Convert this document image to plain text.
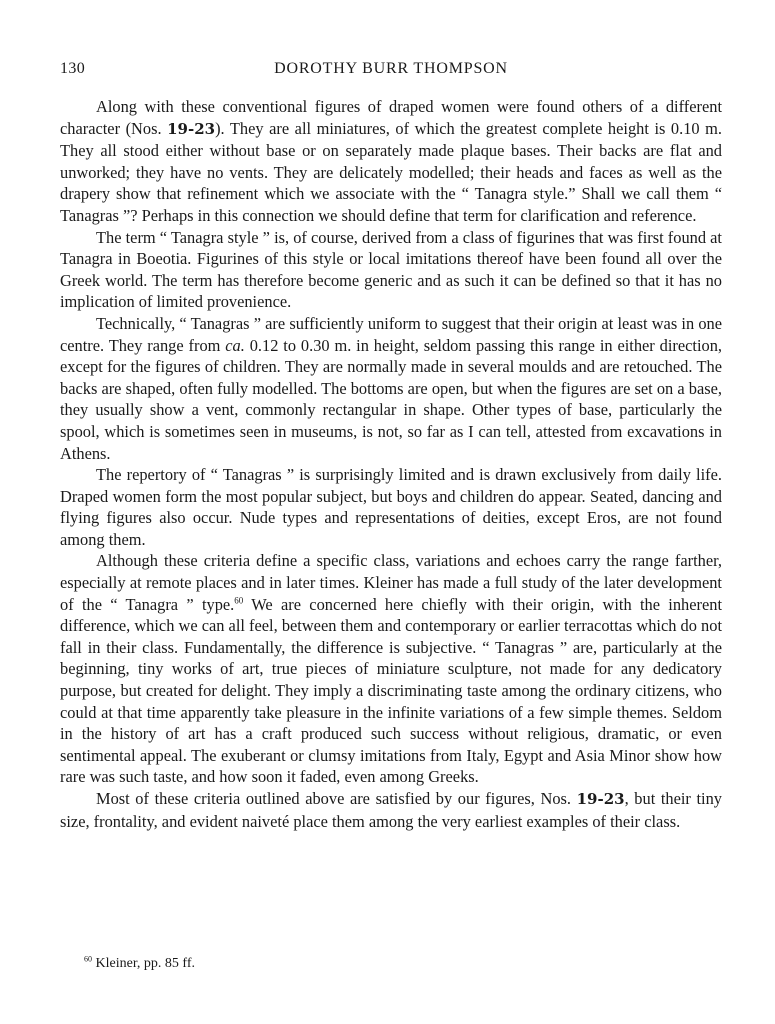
130	DOROTHY BURR THOMPSON

Along with these conventional figures of draped women were found others of a different character (Nos. 19-23). They are all miniatures, of which the greatest complete height is 0.10 m. They all stood either without base or on separately made plaque bases. Their backs are flat and unworked; they have no vents. They are delicately modelled; their heads and faces as well as the drapery show that refinement which we associate with the “ Tanagra style.” Shall we call them “ Tanagras ”? Perhaps in this connection we should define that term for clarification and reference.

The term “ Tanagra style ” is, of course, derived from a class of figurines that was first found at Tanagra in Boeotia. Figurines of this style or local imitations thereof have been found all over the Greek world. The term has therefore become generic and as such it can be defined so that it has no implication of limited provenience.

Technically, “ Tanagras ” are sufficiently uniform to suggest that their origin at least was in one centre. They range from ca. 0.12 to 0.30 m. in height, seldom passing this range in either direction, except for the figures of children. They are normally made in several moulds and are retouched. The backs are shaped, often fully modelled. The bottoms are open, but when the figures are set on a base, they usually show a vent, commonly rectangular in shape. Other types of base, particularly the spool, which is sometimes seen in museums, is not, so far as I can tell, attested from excavations in Athens.

The repertory of “ Tanagras ” is surprisingly limited and is drawn exclusively from daily life. Draped women form the most popular subject, but boys and children do appear. Seated, dancing and flying figures also occur. Nude types and representations of deities, except Eros, are not found among them.

Although these criteria define a specific class, variations and echoes carry the range farther, especially at remote places and in later times. Kleiner has made a full study of the later development of the “ Tanagra ” type.$^{60}$ We are concerned here chiefly with their origin, with the inherent difference, which we can all feel, between them and contemporary or earlier terracottas which do not fall in their class. Fundamentally, the difference is subjective. “ Tanagras ” are, particularly at the beginning, tiny works of art, true pieces of miniature sculpture, not made for any dedicatory purpose, but created for delight. They imply a discriminating taste among the ordinary citizens, who could at that time apparently take pleasure in the infinite variations of a few simple themes. Seldom in the history of art has a craft produced such success without religious, dramatic, or even sentimental appeal. The exuberant or clumsy imitations from Italy, Egypt and Asia Minor show how rare was such taste, and how soon it faded, even among Greeks.

Most of these criteria outlined above are satisfied by our figures, Nos. 19-23, but their tiny size, frontality, and evident naiveté place them among the very earliest examples of their class.

$^{60}$ Kleiner, pp. 85 ff.
